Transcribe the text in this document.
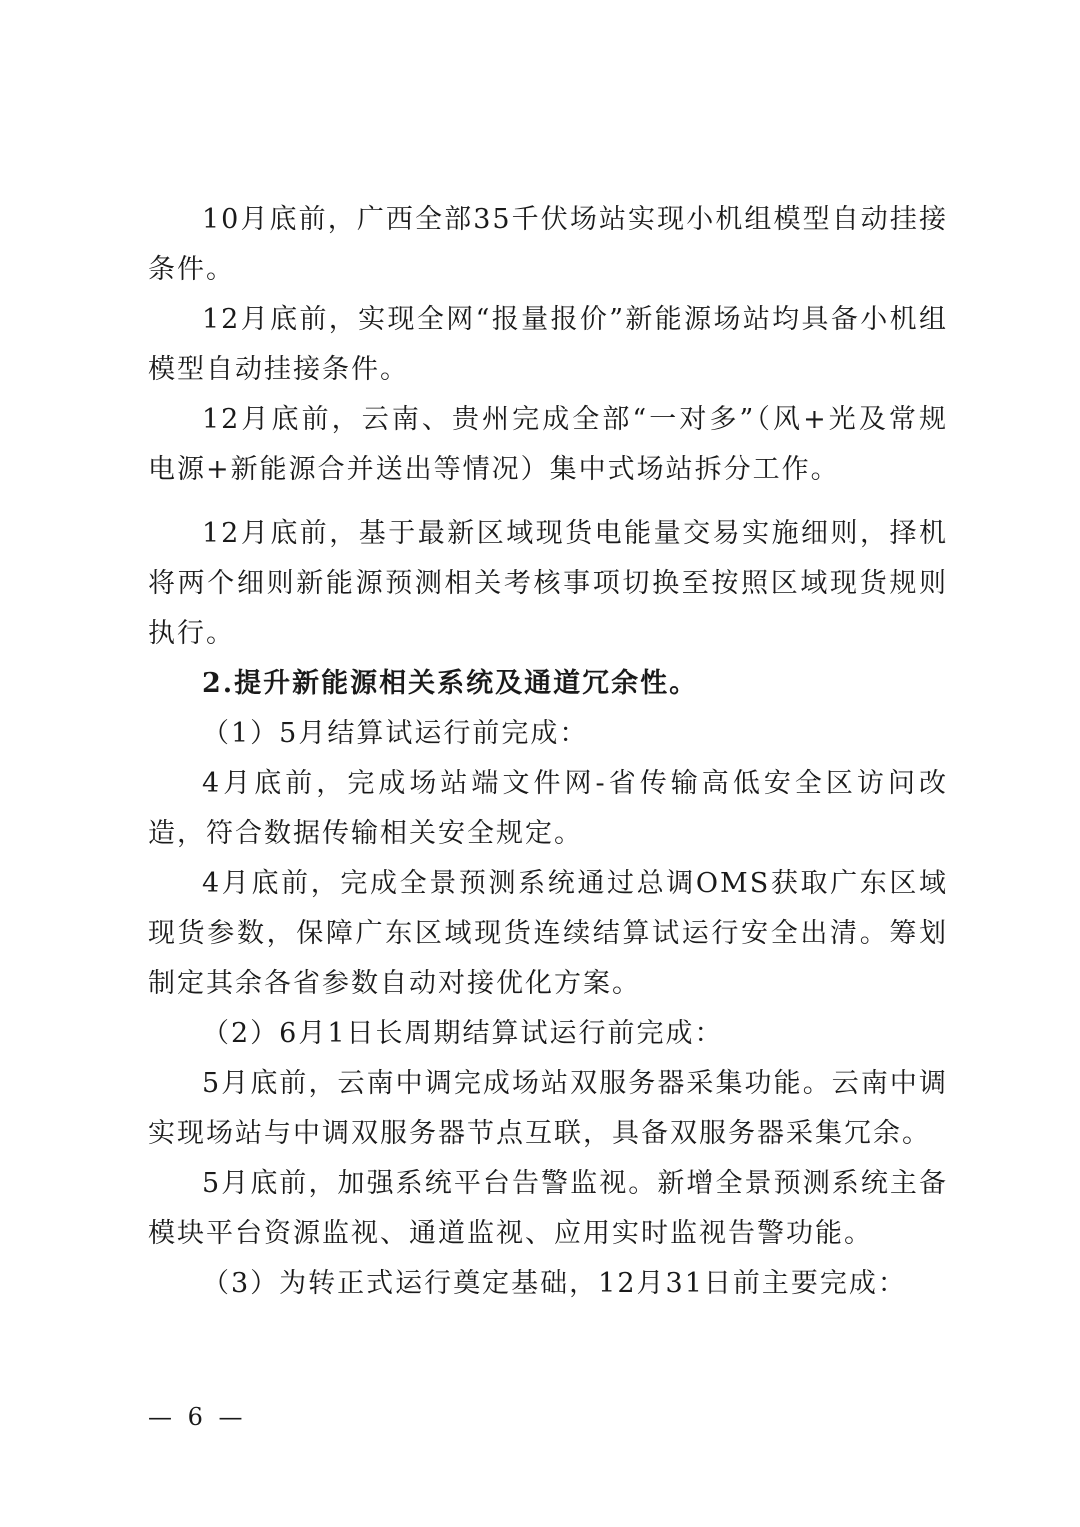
10月底前，广西全部35千伏场站实现小机组模型自动挂接条件。

12月底前，实现全网“报量报价”新能源场站均具备小机组模型自动挂接条件。

12月底前，云南、贵州完成全部“一对多”（风+光及常规电源+新能源合并送出等情况）集中式场站拆分工作。

12月底前，基于最新区域现货电能量交易实施细则，择机将两个细则新能源预测相关考核事项切换至按照区域现货规则执行。

2.提升新能源相关系统及通道冗余性。

（1）5月结算试运行前完成：

4月底前，完成场站端文件网-省传输高低安全区访问改造，符合数据传输相关安全规定。

4月底前，完成全景预测系统通过总调OMS获取广东区域现货参数，保障广东区域现货连续结算试运行安全出清。筹划制定其余各省参数自动对接优化方案。

（2）6月1日长周期结算试运行前完成：

5月底前，云南中调完成场站双服务器采集功能。云南中调实现场站与中调双服务器节点互联，具备双服务器采集冗余。

5月底前，加强系统平台告警监视。新增全景预测系统主备模块平台资源监视、通道监视、应用实时监视告警功能。

（3）为转正式运行奠定基础，12月31日前主要完成：

— 6 —
